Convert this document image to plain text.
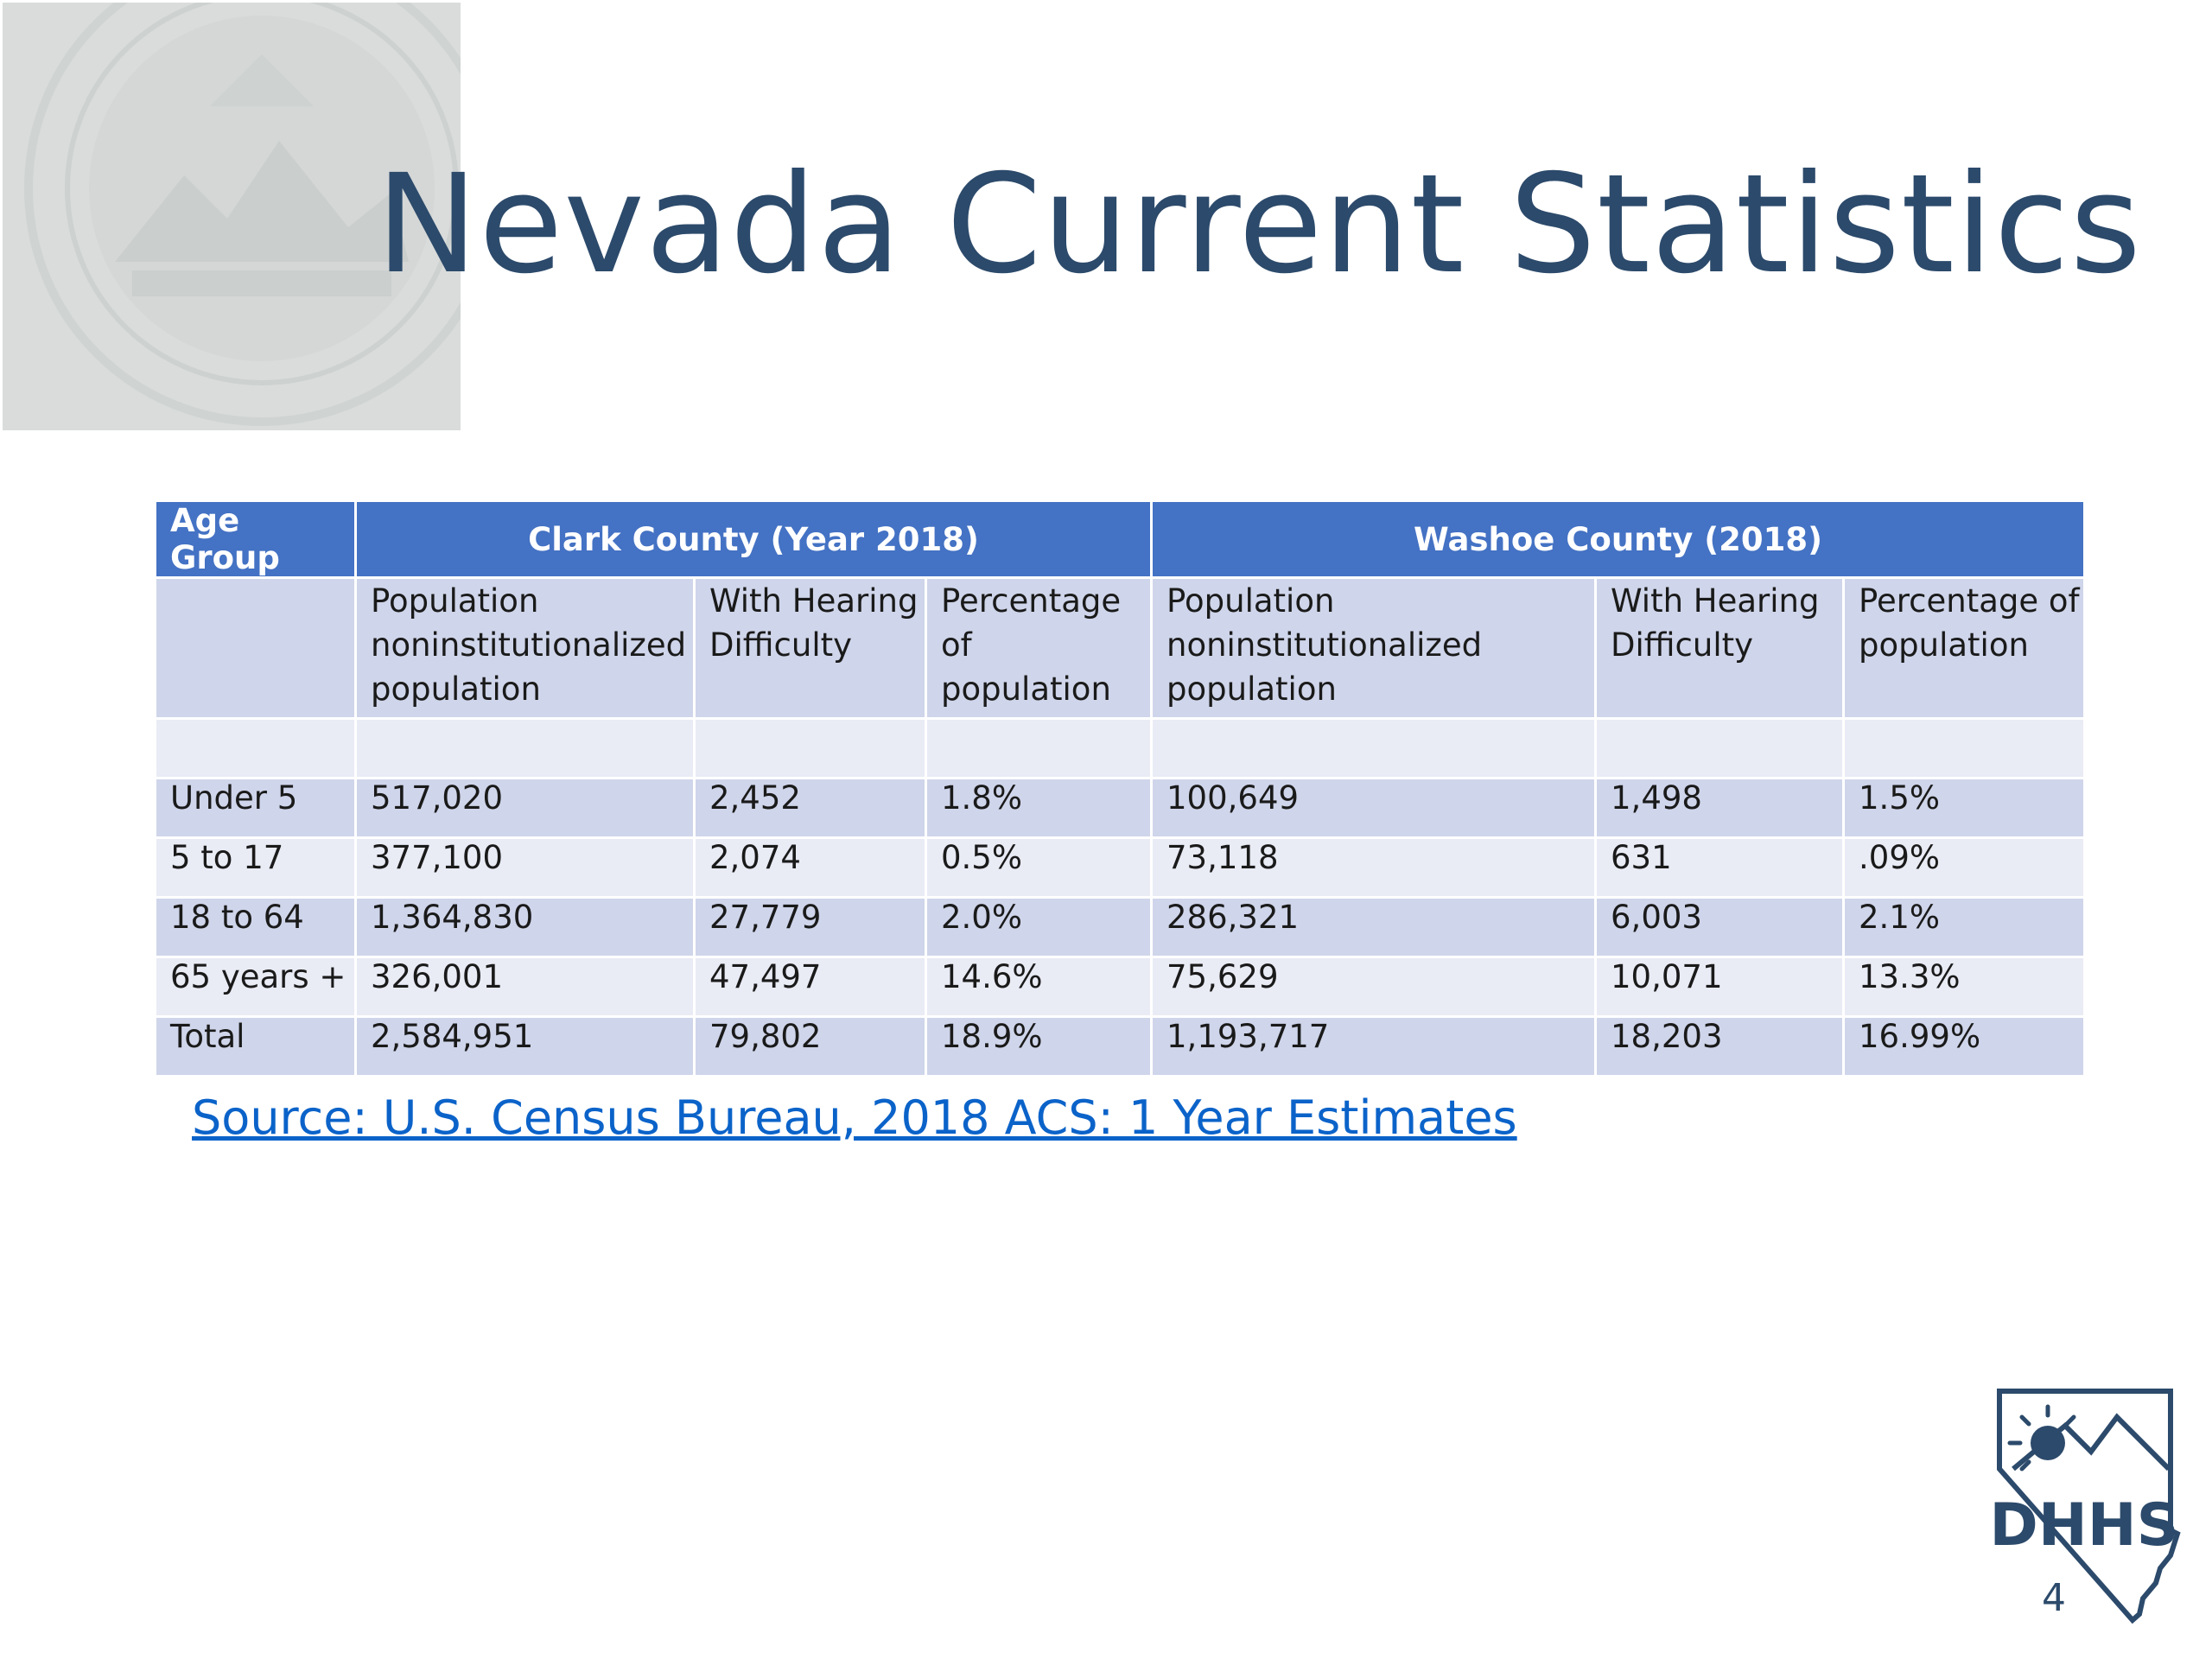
Nevada Current Statistics
Age Group	Clark County (Year 2018)			Washoe County (2018)		
	Population noninstitutionalized population	With Hearing Difficulty	Percentage of population	Population noninstitutionalized population	With Hearing Difficulty	Percentage of population

Under 5	517,020	2,452	1.8%	100,649	1,498	1.5%
5 to 17	377,100	2,074	0.5%	73,118	631	.09%
18 to 64	1,364,830	27,779	2.0%	286,321	6,003	2.1%
65 years +	326,001	47,497	14.6%	75,629	10,071	13.3%
Total	2,584,951	79,802	18.9%	1,193,717	18,203	16.99%
Source: U.S. Census Bureau, 2018 ACS: 1 Year Estimates
DHHS
4
